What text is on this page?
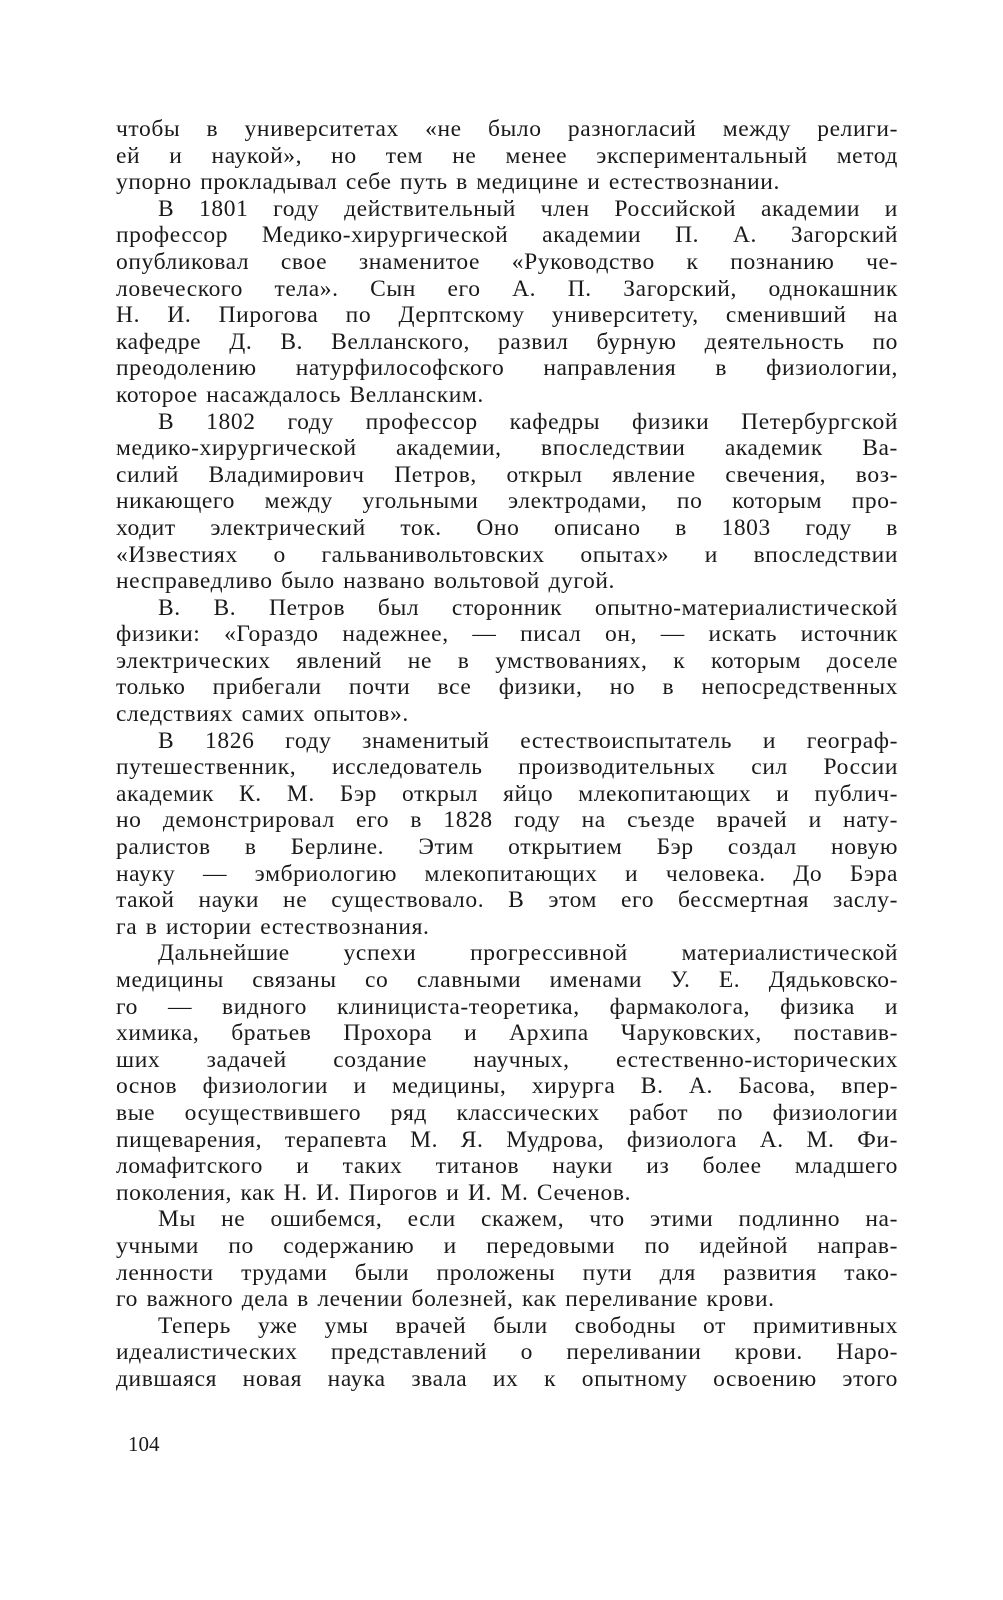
чтобы в университетах «не было разногласий между религи-
ей и наукой», но тем не менее экспериментальный метод
упорно прокладывал себе путь в медицине и естествознании.
В 1801 году действительный член Российской академии и
профессор Медико-хирургической академии П. А. Загорский
опубликовал свое знаменитое «Руководство к познанию че-
ловеческого тела». Сын его А. П. Загорский, однокашник
Н. И. Пирогова по Дерптскому университету, сменивший на
кафедре Д. В. Велланского, развил бурную деятельность по
преодолению натурфилософского направления в физиологии,
которое насаждалось Велланским.
В 1802 году профессор кафедры физики Петербургской
медико-хирургической академии, впоследствии академик Ва-
силий Владимирович Петров, открыл явление свечения, воз-
никающего между угольными электродами, по которым про-
ходит электрический ток. Оно описано в 1803 году в
«Известиях о гальванивольтовских опытах» и впоследствии
несправедливо было названо вольтовой дугой.
В. В. Петров был сторонник опытно-материалистической
физики: «Гораздо надежнее, — писал он, — искать источник
электрических явлений не в умствованиях, к которым доселе
только прибегали почти все физики, но в непосредственных
следствиях самих опытов».
В 1826 году знаменитый естествоиспытатель и географ-
путешественник, исследователь производительных сил России
академик К. М. Бэр открыл яйцо млекопитающих и публич-
но демонстрировал его в 1828 году на съезде врачей и нату-
ралистов в Берлине. Этим открытием Бэр создал новую
науку — эмбриологию млекопитающих и человека. До Бэра
такой науки не существовало. В этом его бессмертная заслу-
га в истории естествознания.
Дальнейшие успехи прогрессивной материалистической
медицины связаны со славными именами У. Е. Дядьковско-
го — видного клинициста-теоретика, фармаколога, физика и
химика, братьев Прохора и Архипа Чаруковских, поставив-
ших задачей создание научных, естественно-исторических
основ физиологии и медицины, хирурга В. А. Басова, впер-
вые осуществившего ряд классических работ по физиологии
пищеварения, терапевта М. Я. Мудрова, физиолога А. М. Фи-
ломафитского и таких титанов науки из более младшего
поколения, как Н. И. Пирогов и И. М. Сеченов.
Мы не ошибемся, если скажем, что этими подлинно на-
учными по содержанию и передовыми по идейной направ-
ленности трудами были проложены пути для развития тако-
го важного дела в лечении болезней, как переливание крови.
Теперь уже умы врачей были свободны от примитивных
идеалистических представлений о переливании крови. Наро-
дившаяся новая наука звала их к опытному освоению этого
104
